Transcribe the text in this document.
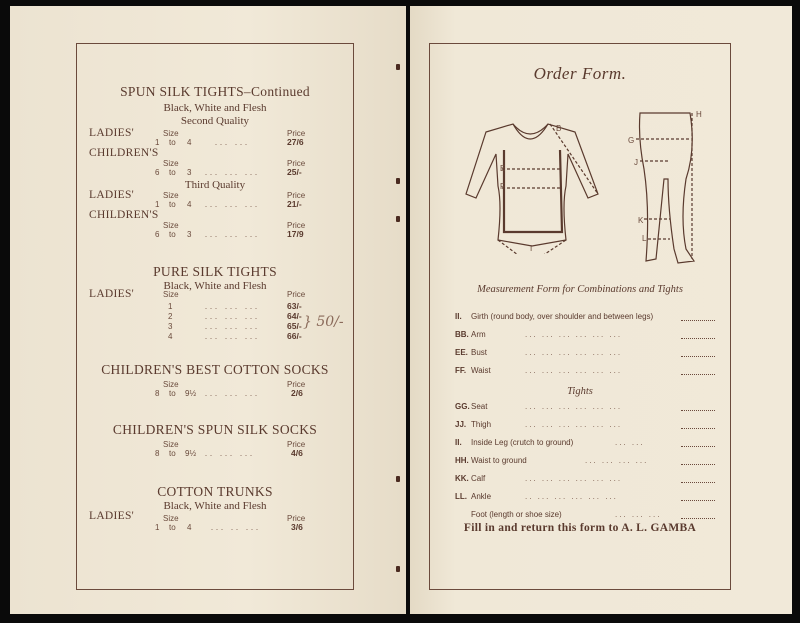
SPUN SILK TIGHTS–Continued
Black, White and Flesh
Second Quality
LADIES'	Size	Price
1 to 4	... ...	27/6
CHILDREN'S
Size	Price
6 to 3 ... ... ...	25/-
Third Quality
LADIES'	Size	Price
1 to 4 ... ... ...	21/-
CHILDREN'S
Size	Price
6 to 3 ... ... ...	17/9
PURE SILK TIGHTS
Black, White and Flesh
LADIES'	Size	Price
1	... ... ...	63/-
2	... ... ...	64/-
3	... ... ...	65/-
4	... ... ...	66/-
} 50/-
CHILDREN'S BEST COTTON SOCKS
Size	Price
8 to 9½ ... ... ...	2/6
CHILDREN'S SPUN SILK SOCKS
Size	Price
8 to 9½ .. ... ...	4/6
COTTON TRUNKS
Black, White and Flesh
LADIES'	Size	Price
1 to 4 ... .. ...	3/6
Order Form.
B
E
F
I
H
G
J
K
L
Measurement Form for Combinations and Tights
II. Girth (round body, over shoulder and between legs)
BB. Arm	... ... ... ... ... ...
EE. Bust	... ... ... ... ... ...
FF. Waist	... ... ... ... ... ...
Tights
GG. Seat	... ... ... ... ... ...
JJ. Thigh	... ... ... ... ... ...
II. Inside Leg (crutch to ground)	... ...
HH. Waist to ground	... ... ... ...
KK. Calf	... ... ... ... ... ...
LL. Ankle	.. ... ... ... ... ...
Foot (length or shoe size)	... ... ...
Fill in and return this form to A. L. GAMBA
